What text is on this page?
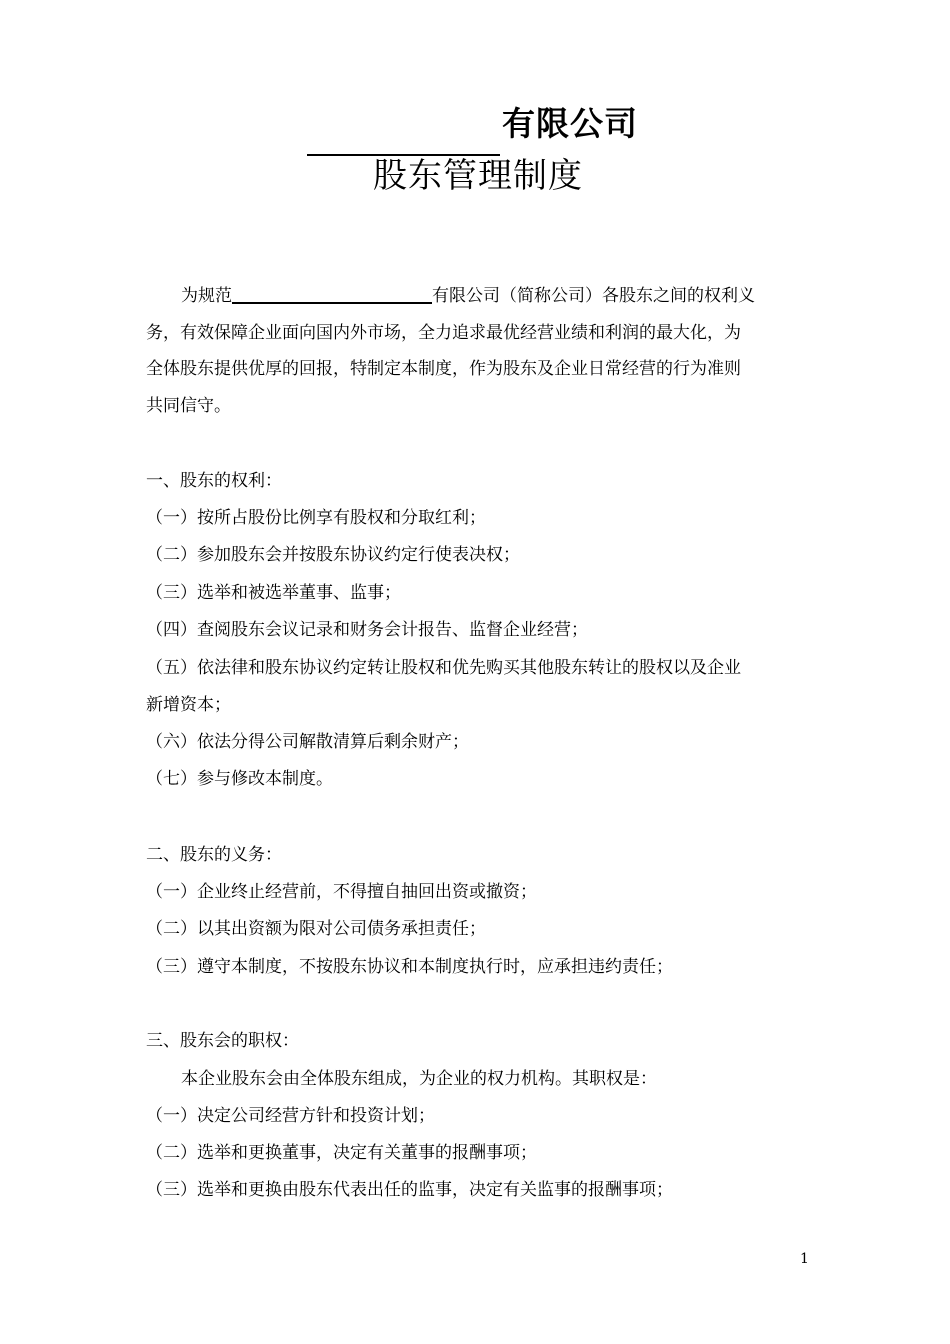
有限公司
股东管理制度
为规范	有限公司（简称公司）各股东之间的权利义
务，有效保障企业面向国内外市场，全力追求最优经营业绩和利润的最大化，为
全体股东提供优厚的回报，特制定本制度，作为股东及企业日常经营的行为准则
共同信守。
一、股东的权利：
（一）按所占股份比例享有股权和分取红利；
（二）参加股东会并按股东协议约定行使表决权；
（三）选举和被选举董事、监事；
（四）查阅股东会议记录和财务会计报告、监督企业经营；
（五）依法律和股东协议约定转让股权和优先购买其他股东转让的股权以及企业
新增资本；
（六）依法分得公司解散清算后剩余财产；
（七）参与修改本制度。
二、股东的义务：
（一）企业终止经营前，不得擅自抽回出资或撤资；
（二）以其出资额为限对公司债务承担责任；
（三）遵守本制度，不按股东协议和本制度执行时，应承担违约责任；
三、股东会的职权：
本企业股东会由全体股东组成，为企业的权力机构。其职权是：
（一）决定公司经营方针和投资计划；
（二）选举和更换董事，决定有关董事的报酬事项；
（三）选举和更换由股东代表出任的监事，决定有关监事的报酬事项；
1
